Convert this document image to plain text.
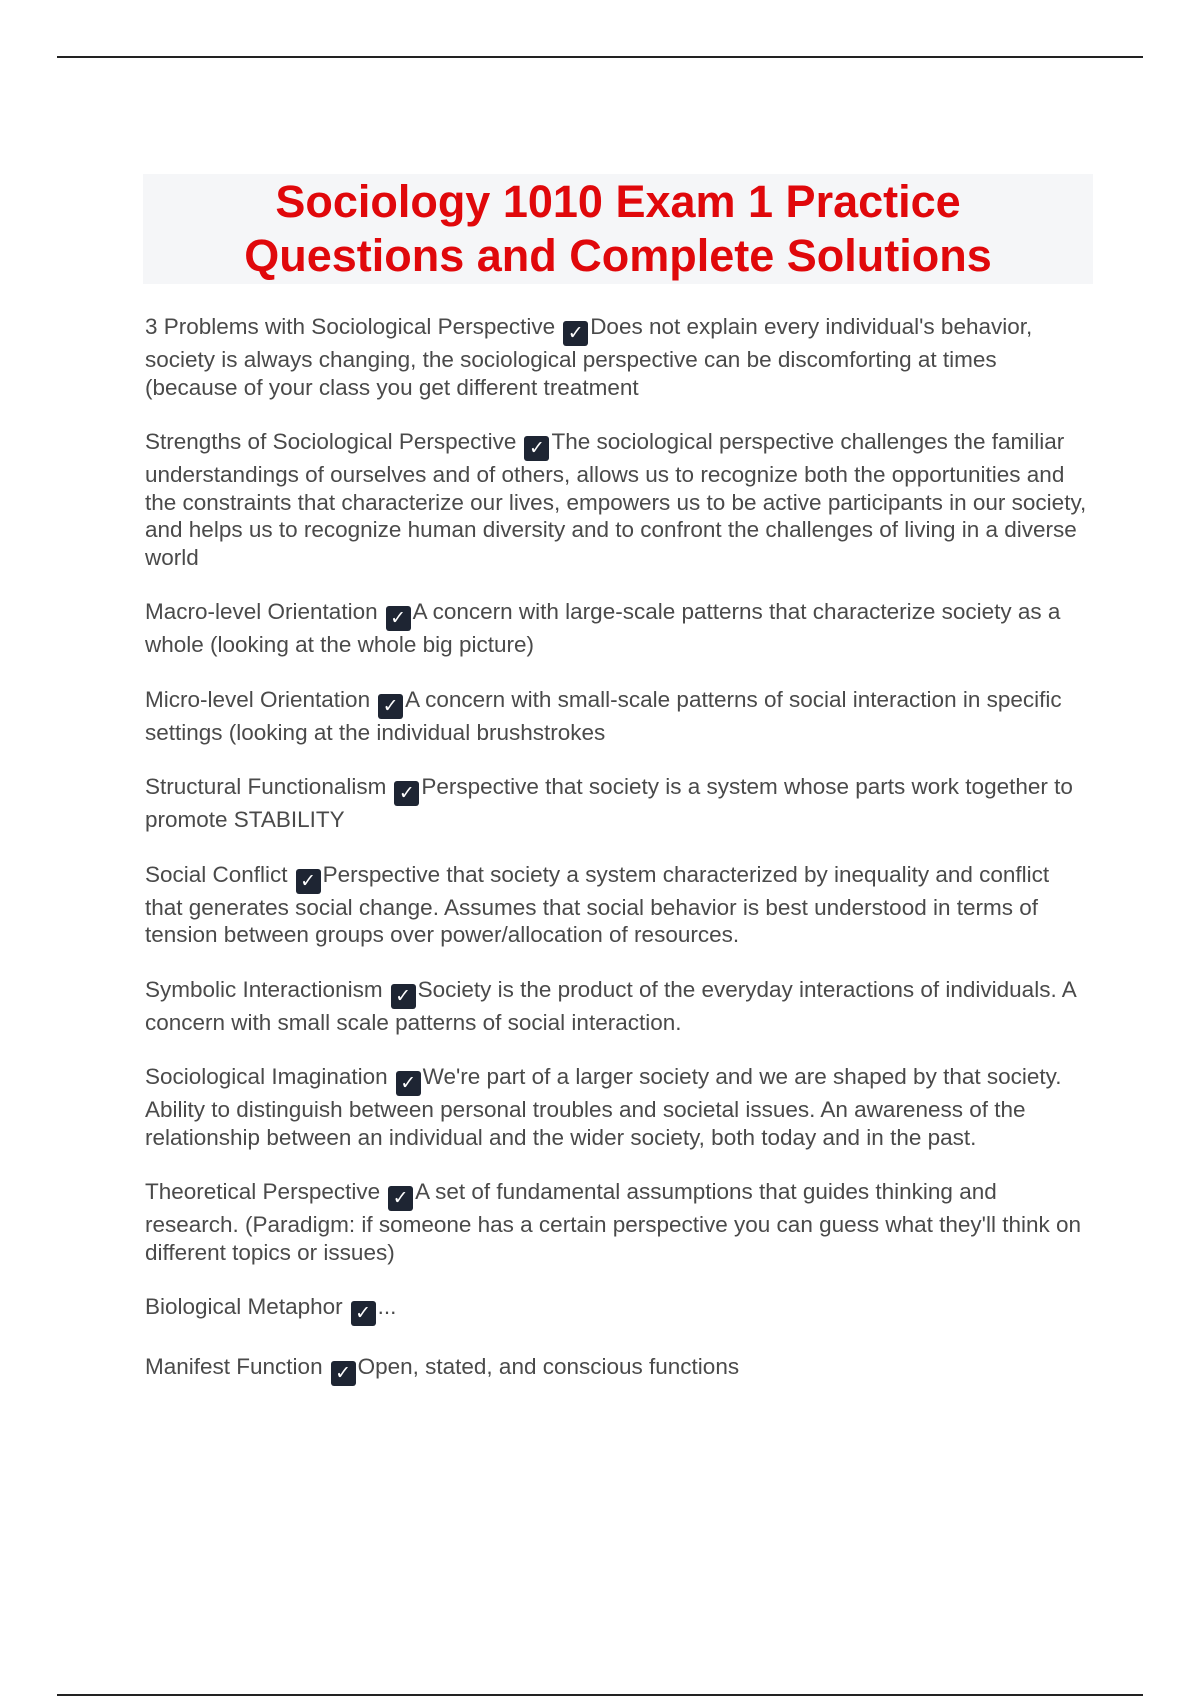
Sociology 1010 Exam 1 Practice Questions and Complete Solutions

3 Problems with Sociological Perspective ✓ Does not explain every individual's behavior, society is always changing, the sociological perspective can be discomforting at times (because of your class you get different treatment

Strengths of Sociological Perspective ✓ The sociological perspective challenges the familiar understandings of ourselves and of others, allows us to recognize both the opportunities and the constraints that characterize our lives, empowers us to be active participants in our society, and helps us to recognize human diversity and to confront the challenges of living in a diverse world

Macro-level Orientation ✓ A concern with large-scale patterns that characterize society as a whole (looking at the whole big picture)

Micro-level Orientation ✓ A concern with small-scale patterns of social interaction in specific settings (looking at the individual brushstrokes

Structural Functionalism ✓ Perspective that society is a system whose parts work together to promote STABILITY

Social Conflict ✓ Perspective that society a system characterized by inequality and conflict that generates social change. Assumes that social behavior is best understood in terms of tension between groups over power/allocation of resources.

Symbolic Interactionism ✓ Society is the product of the everyday interactions of individuals. A concern with small scale patterns of social interaction.

Sociological Imagination ✓ We're part of a larger society and we are shaped by that society. Ability to distinguish between personal troubles and societal issues. An awareness of the relationship between an individual and the wider society, both today and in the past.

Theoretical Perspective ✓ A set of fundamental assumptions that guides thinking and research. (Paradigm: if someone has a certain perspective you can guess what they'll think on different topics or issues)

Biological Metaphor ✓ ...

Manifest Function ✓ Open, stated, and conscious functions
